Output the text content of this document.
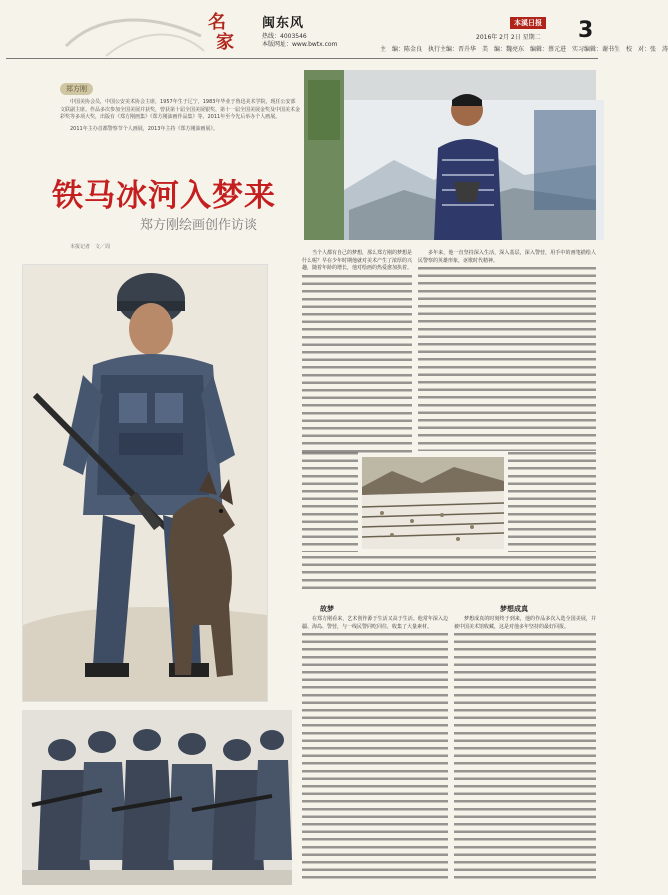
名
家
闽东风
热线：4003546
本版网址：www.bwtx.com
主　编：陈金良　执行主编：晋升华　美　编：魏亮东　编辑：蔡元进　实习编辑：谢书生　校　对：张　涛
本溪日报
2016年 2月 2日 星期二 3
郑方刚
中国美协会员，中国公安美术协会主席，1957年生于辽宁，1983年毕业于鲁迅美术学院，现任公安部文联副主席。作品多次参加全国美展并获奖，曾获第十届全国美展银奖、第十一届全国美展金奖及中国美术金彩奖等多项大奖，出版有《郑方刚画集》《郑方刚油画作品集》等。2011年至今先后举办个人画展。
2011年主办首都警察节个人画展，2013年主持《郑方刚油画展》。
铁马冰河入梦来
郑方刚绘画创作访谈
本报记者　文／周

当个人都有自己的梦想，那么郑方刚的梦想是什么呢？早在少年时期他就对美术产生了浓厚的兴趣，随着年龄的增长，他对绘画的热爱愈加执着。

多年来，他一直坚持深入生活，深入基层，深入警营，用手中的画笔描绘人民警察的英雄形象，讴歌时代精神。

故梦

在郑方刚看来，艺术创作源于生活又高于生活。他常年深入边疆、海岛、警营，与一线民警同吃同住，收集了大量素材。

梦想成真

梦想成真的时刻终于到来，他的作品多次入选全国美展，并被中国美术馆收藏，这是对他多年坚持的最好回报。
